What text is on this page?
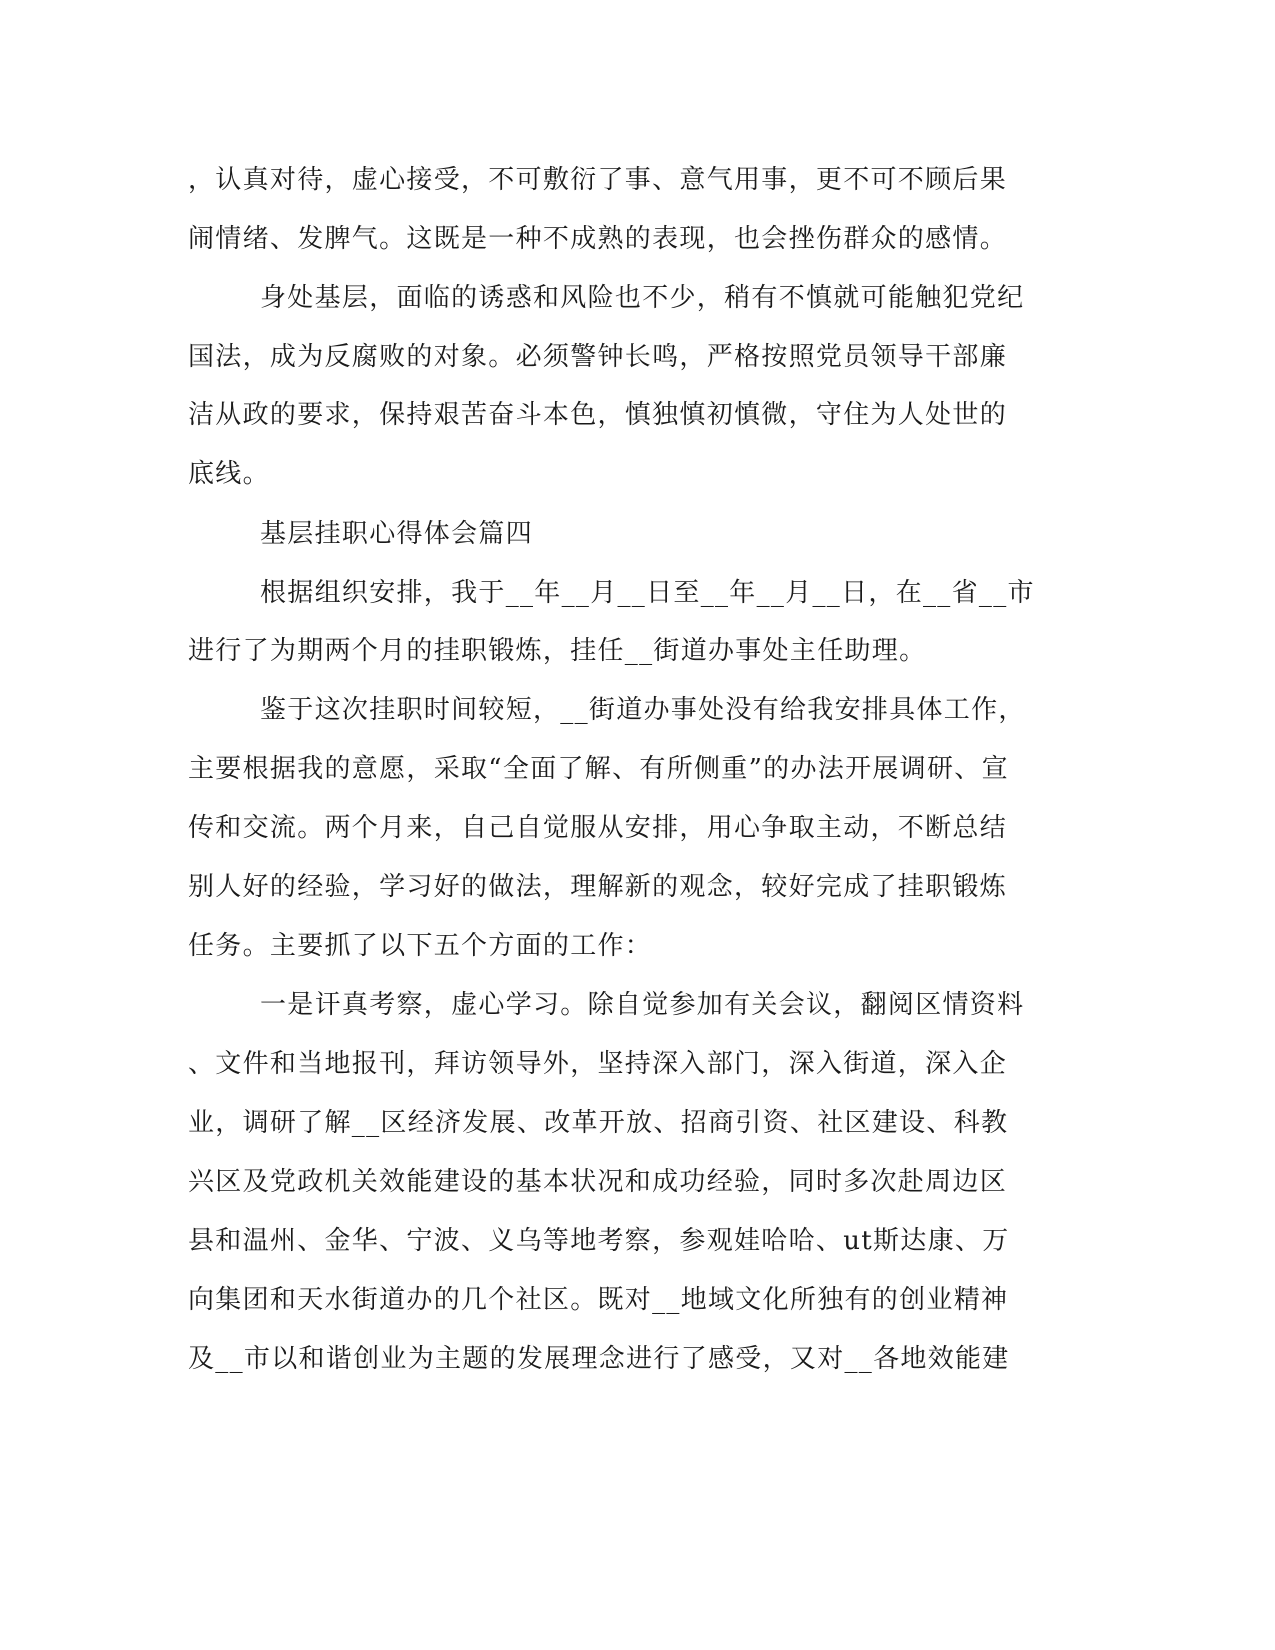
，认真对待，虚心接受，不可敷衍了事、意气用事，更不可不顾后果
闹情绪、发脾气。这既是一种不成熟的表现，也会挫伤群众的感情。
身处基层，面临的诱惑和风险也不少，稍有不慎就可能触犯党纪
国法，成为反腐败的对象。必须警钟长鸣，严格按照党员领导干部廉
洁从政的要求，保持艰苦奋斗本色，慎独慎初慎微，守住为人处世的
底线。
基层挂职心得体会篇四
根据组织安排，我于__年__月__日至__年__月__日，在__省__市
进行了为期两个月的挂职锻炼，挂任__街道办事处主任助理。
鉴于这次挂职时间较短，__街道办事处没有给我安排具体工作，
主要根据我的意愿，采取“全面了解、有所侧重”的办法开展调研、宣
传和交流。两个月来，自己自觉服从安排，用心争取主动，不断总结
别人好的经验，学习好的做法，理解新的观念，较好完成了挂职锻炼
任务。主要抓了以下五个方面的工作：
一是讦真考察，虚心学习。除自觉参加有关会议，翻阅区情资料
、文件和当地报刊，拜访领导外，坚持深入部门，深入街道，深入企
业，调研了解__区经济发展、改革开放、招商引资、社区建设、科教
兴区及党政机关效能建设的基本状况和成功经验，同时多次赴周边区
县和温州、金华、宁波、义乌等地考察，参观娃哈哈、ut斯达康、万
向集团和天水街道办的几个社区。既对__地域文化所独有的创业精神
及__市以和谐创业为主题的发展理念进行了感受，又对__各地效能建
